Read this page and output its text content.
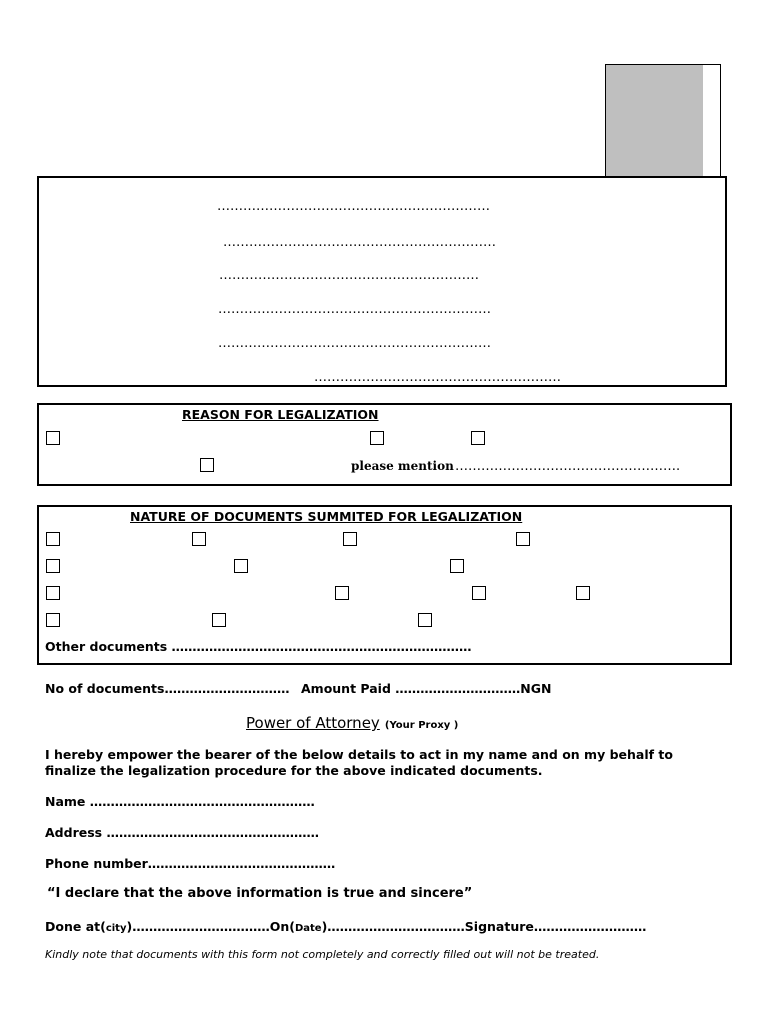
………………………………………………………
………………………………………………………
……………………………………………………
………………………………………………………
………………………………………………………
…………………………………………………
REASON FOR LEGALIZATION
please mention …………………………………………….
NATURE OF DOCUMENTS SUMMITED FOR LEGALIZATION
Other documents ………………………………………………………………
No of documents………………………… Amount Paid …………………………NGN
Power of Attorney (Your Proxy )
I hereby empower the bearer of the below details to act in my name and on my behalf to
finalize the legalization procedure for the above indicated documents.
Name ………………………………………………
Address ……………………………………………
Phone number………………………………………
“I declare that the above information is true and sincere”
Done at(city)……………………………On(Date)……………………………Signature………………………
Kindly note that documents with this form not completely and correctly filled out will not be treated.
